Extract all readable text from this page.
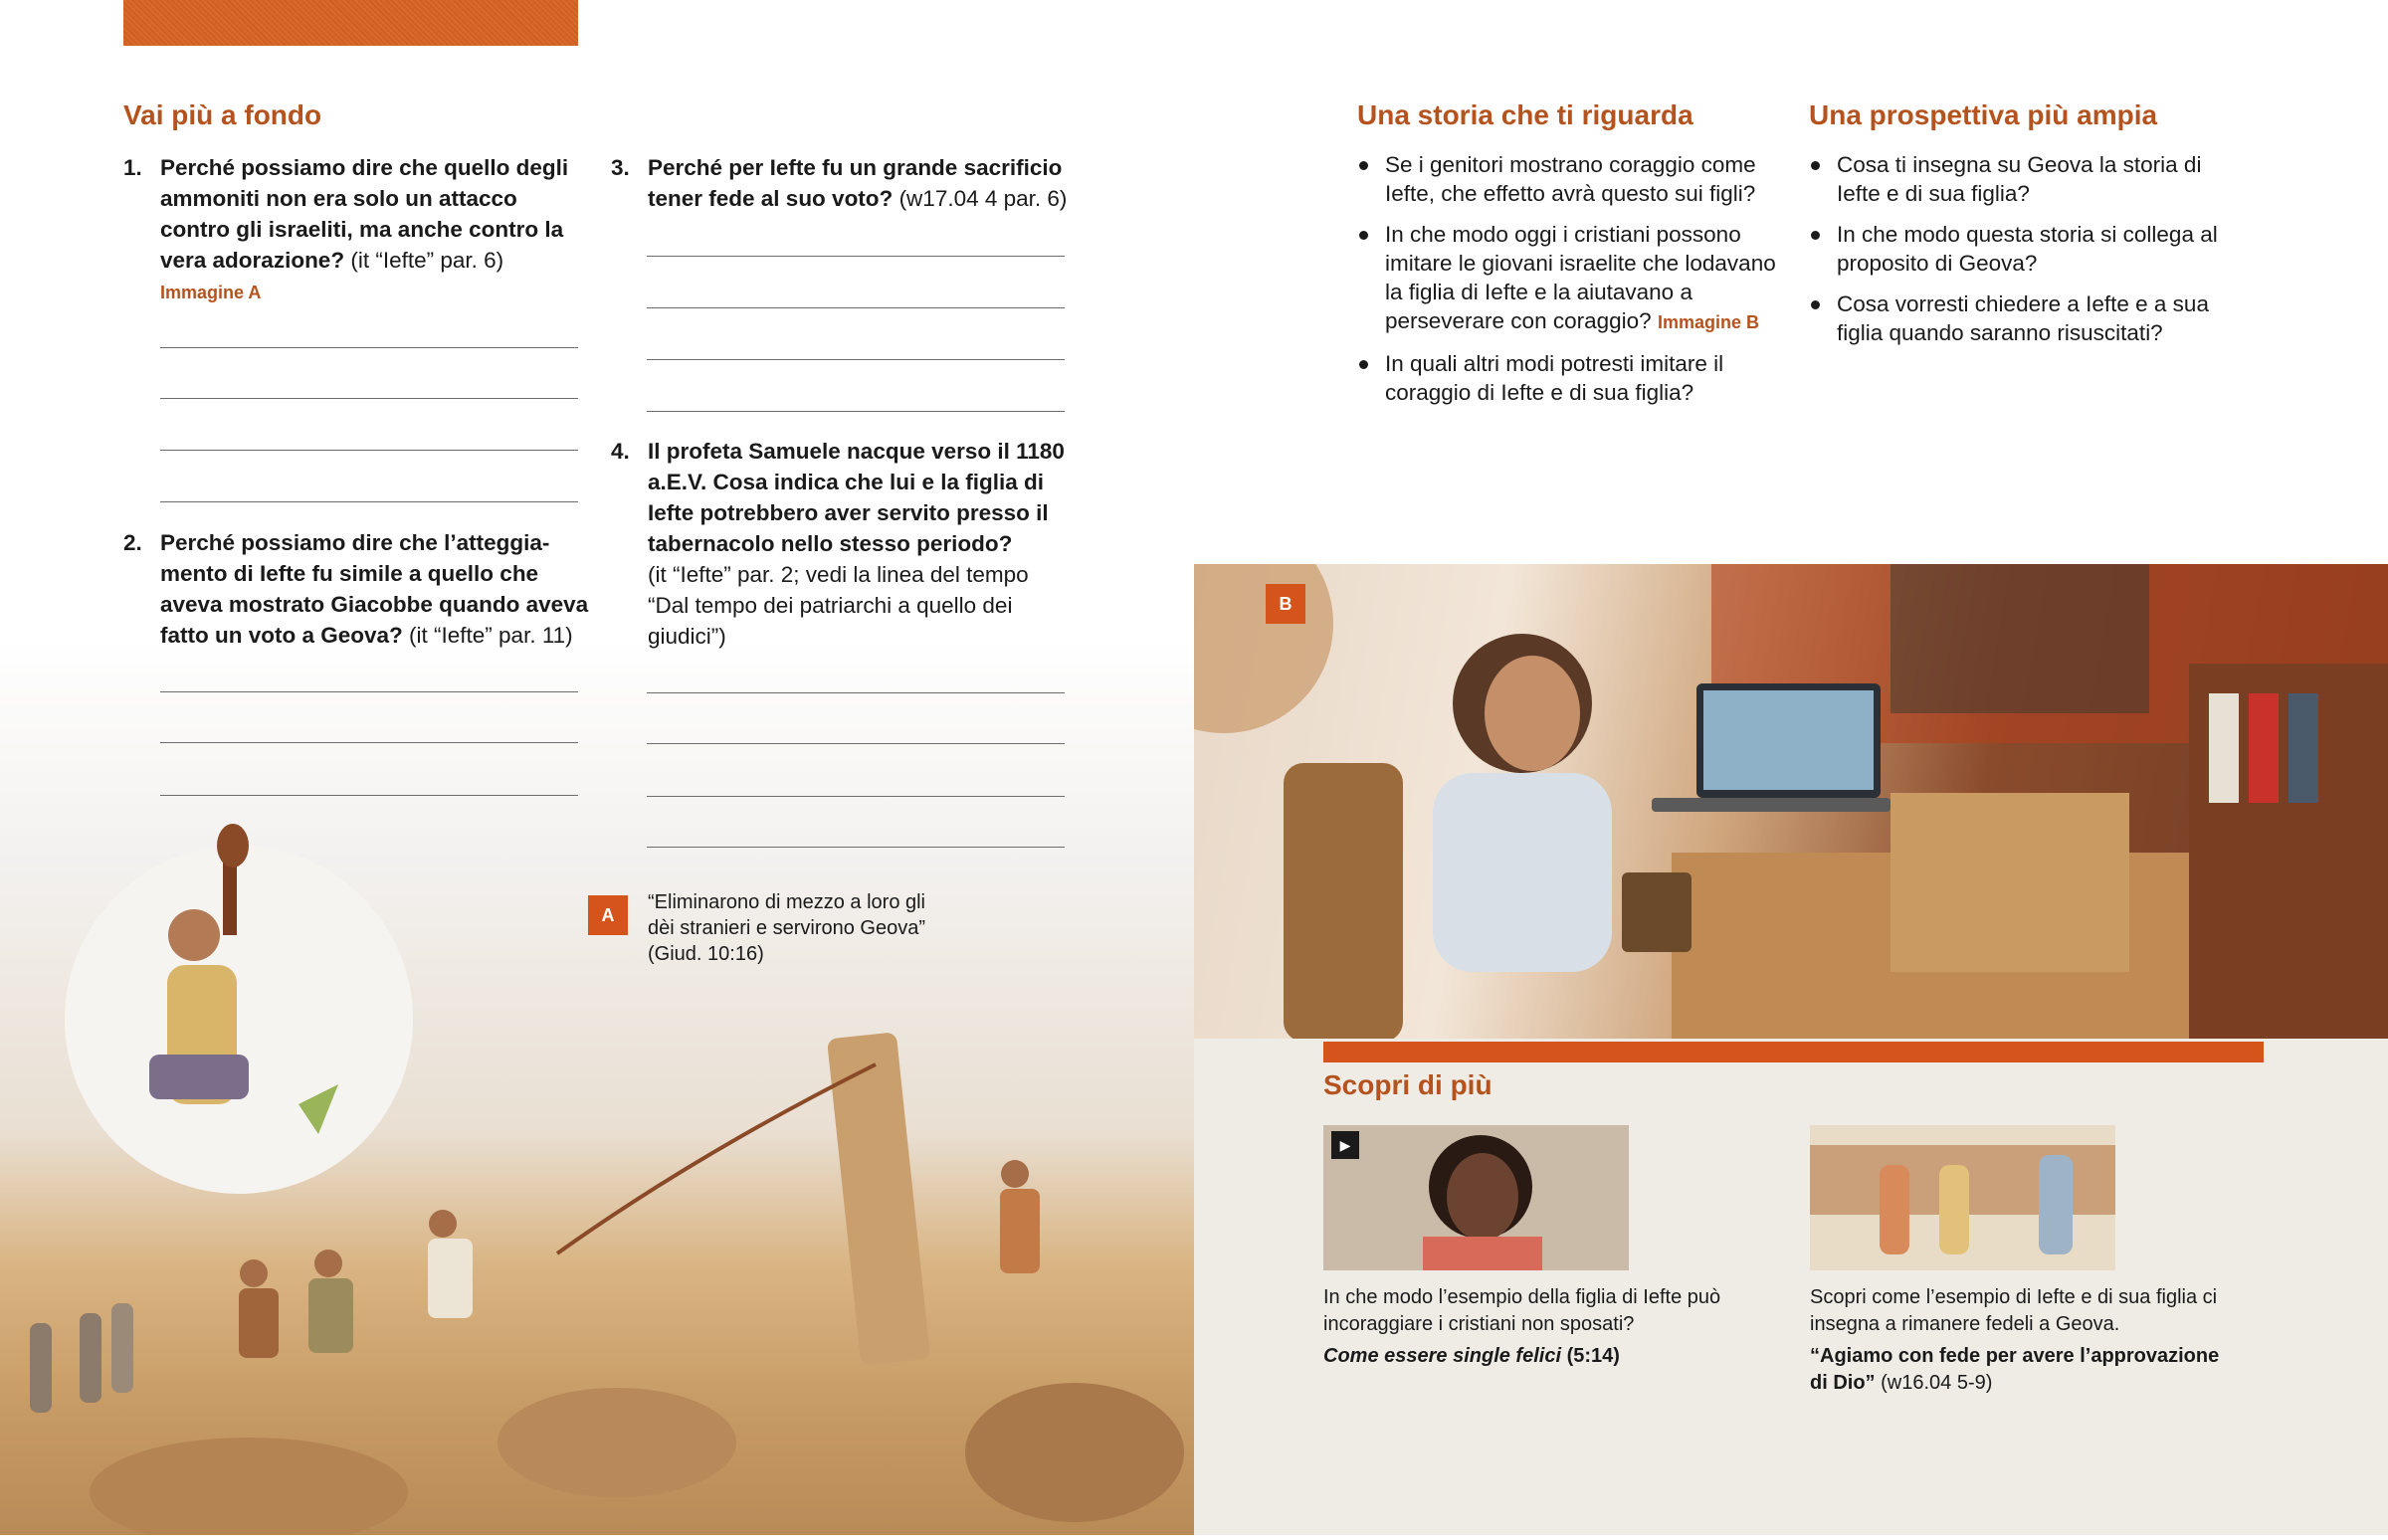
Vai più a fondo
1. Perché possiamo dire che quello degli ammoniti non era solo un attacco contro gli israeliti, ma anche contro la vera adorazione? (it “Iefte” par. 6)
Immagine A
2. Perché possiamo dire che l’atteggiamento di Iefte fu simile a quello che aveva mostrato Giacobbe quando aveva fatto un voto a Geova? (it “Iefte” par. 11)
3. Perché per Iefte fu un grande sacrificio tener fede al suo voto? (w17.04 4 par. 6)
4. Il profeta Samuele nacque verso il 1180 a.E.V. Cosa indica che lui e la figlia di Iefte potrebbero aver servito presso il tabernacolo nello stesso periodo?
(it “Iefte” par. 2; vedi la linea del tempo “Dal tempo dei patriarchi a quello dei giudici”)
A
“Eliminarono di mezzo a loro gli dèi stranieri e servirono Geova” (Giud. 10:16)
Una storia che ti riguarda
Se i genitori mostrano coraggio come Iefte, che effetto avrà questo sui figli?
In che modo oggi i cristiani possono imitare le giovani israelite che lodavano la figlia di Iefte e la aiutavano a perseverare con coraggio? Immagine B
In quali altri modi potresti imitare il coraggio di Iefte e di sua figlia?
Una prospettiva più ampia
Cosa ti insegna su Geova la storia di Iefte e di sua figlia?
In che modo questa storia si collega al proposito di Geova?
Cosa vorresti chiedere a Iefte e a sua figlia quando saranno risuscitati?
B
Scopri di più
▶
In che modo l’esempio della figlia di Iefte può incoraggiare i cristiani non sposati?
Come essere single felici (5:14)
Scopri come l’esempio di Iefte e di sua figlia ci insegna a rimanere fedeli a Geova.
“Agiamo con fede per avere l’approvazione di Dio” (w16.04 5-9)
